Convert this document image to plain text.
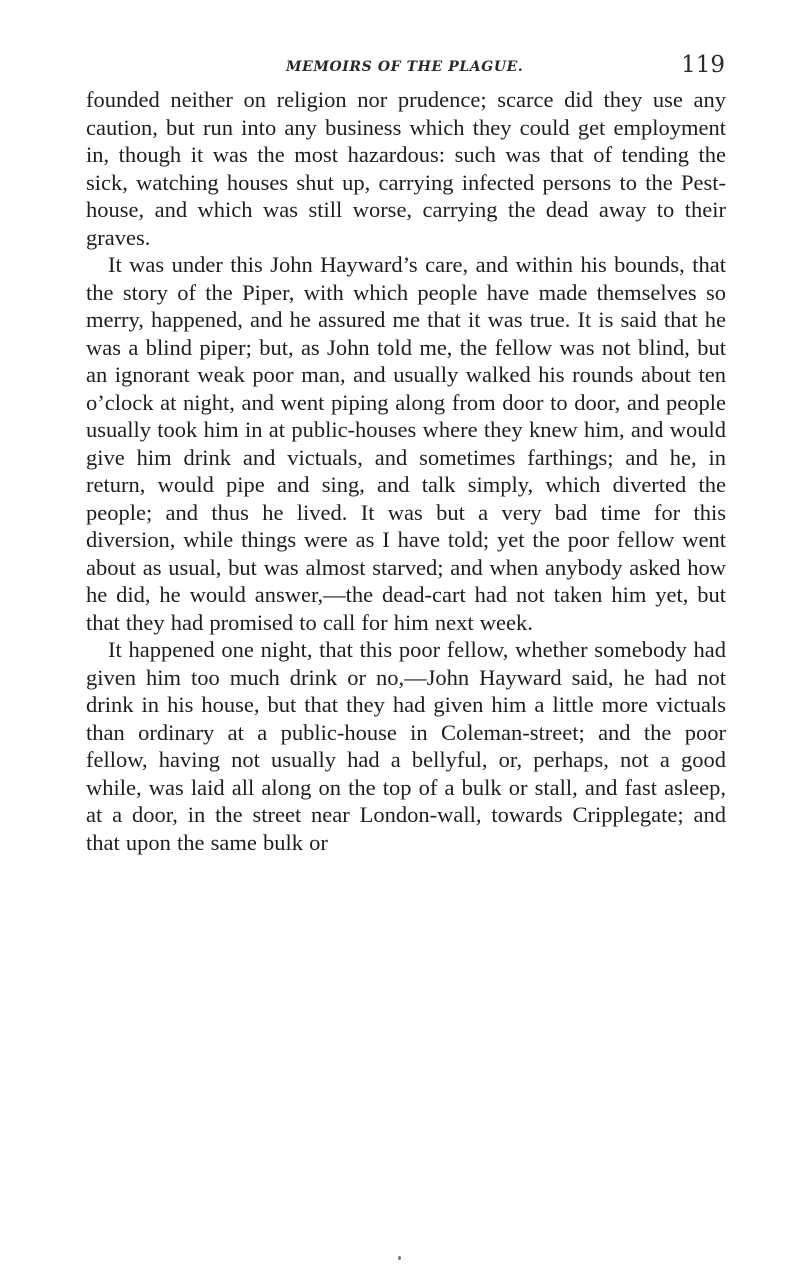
MEMOIRS OF THE PLAGUE.	119

founded neither on religion nor prudence; scarce did they use any caution, but run into any business which they could get employment in, though it was the most hazardous: such was that of tending the sick, watching houses shut up, carrying infected persons to the Pest-house, and which was still worse, carrying the dead away to their graves.

It was under this John Hayward’s care, and within his bounds, that the story of the Piper, with which people have made themselves so merry, happened, and he assured me that it was true. It is said that he was a blind piper; but, as John told me, the fellow was not blind, but an ignorant weak poor man, and usually walked his rounds about ten o’clock at night, and went piping along from door to door, and people usually took him in at public-houses where they knew him, and would give him drink and victuals, and sometimes farthings; and he, in return, would pipe and sing, and talk simply, which diverted the people; and thus he lived. It was but a very bad time for this diversion, while things were as I have told; yet the poor fellow went about as usual, but was almost starved; and when anybody asked how he did, he would answer,—the dead-cart had not taken him yet, but that they had promised to call for him next week.

It happened one night, that this poor fellow, whether somebody had given him too much drink or no,—John Hayward said, he had not drink in his house, but that they had given him a little more victuals than ordinary at a public-house in Coleman-street; and the poor fellow, having not usually had a bellyful, or, perhaps, not a good while, was laid all along on the top of a bulk or stall, and fast asleep, at a door, in the street near London-wall, towards Cripplegate; and that upon the same bulk or
